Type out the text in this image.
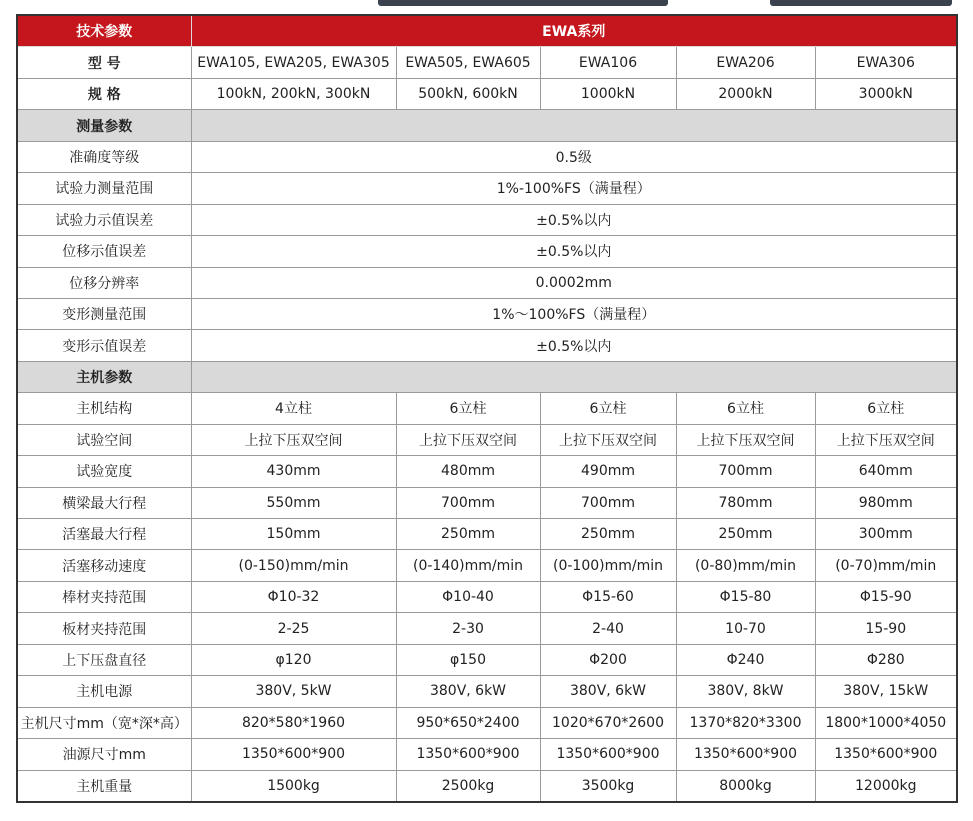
技术参数	EWA系列				
型 号	EWA105, EWA205, EWA305	EWA505, EWA605	EWA106	EWA206	EWA306
规 格	100kN, 200kN, 300kN	500kN, 600kN	1000kN	2000kN	3000kN
测量参数					
准确度等级	0.5级				
试验力测量范围	1%-100%FS（满量程）				
试验力示值误差	±0.5%以内				
位移示值误差	±0.5%以内				
位移分辨率	0.0002mm				
变形测量范围	1%～100%FS（满量程）				
变形示值误差	±0.5%以内				
主机参数					
主机结构	4立柱	6立柱	6立柱	6立柱	6立柱
试验空间	上拉下压双空间	上拉下压双空间	上拉下压双空间	上拉下压双空间	上拉下压双空间
试验宽度	430mm	480mm	490mm	700mm	640mm
横梁最大行程	550mm	700mm	700mm	780mm	980mm
活塞最大行程	150mm	250mm	250mm	250mm	300mm
活塞移动速度	(0-150)mm/min	(0-140)mm/min	(0-100)mm/min	(0-80)mm/min	(0-70)mm/min
棒材夹持范围	Φ10-32	Φ10-40	Φ15-60	Φ15-80	Φ15-90
板材夹持范围	2-25	2-30	2-40	10-70	15-90
上下压盘直径	φ120	φ150	Φ200	Φ240	Φ280
主机电源	380V, 5kW	380V, 6kW	380V, 6kW	380V, 8kW	380V, 15kW
主机尺寸mm（宽*深*高）	820*580*1960	950*650*2400	1020*670*2600	1370*820*3300	1800*1000*4050
油源尺寸mm	1350*600*900	1350*600*900	1350*600*900	1350*600*900	1350*600*900
主机重量	1500kg	2500kg	3500kg	8000kg	12000kg
